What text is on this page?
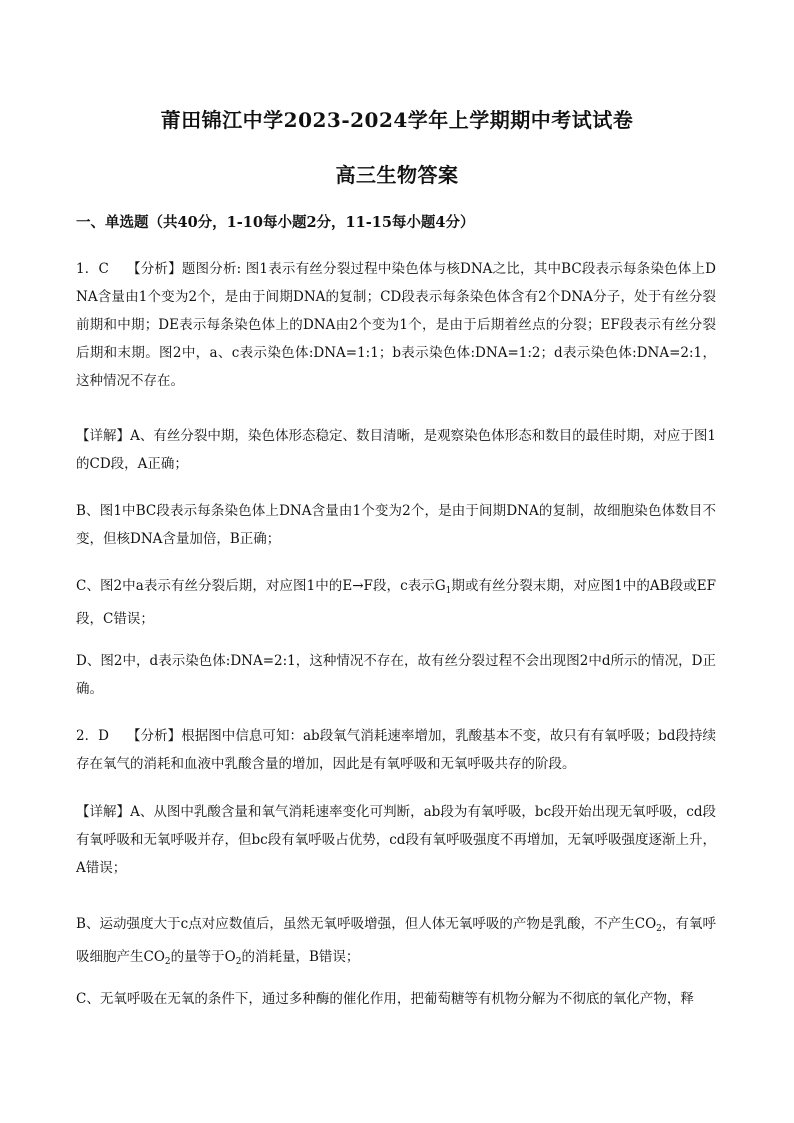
莆田锦江中学2023-2024学年上学期期中考试试卷
高三生物答案
一、单选题（共40分，1-10每小题2分，11-15每小题4分）
1．C 【分析】题图分析: 图1表示有丝分裂过程中染色体与核DNA之比，其中BC段表示每条染色体上DNA含量由1个变为2个，是由于间期DNA的复制；CD段表示每条染色体含有2个DNA分子，处于有丝分裂前期和中期；DE表示每条染色体上的DNA由2个变为1个，是由于后期着丝点的分裂；EF段表示有丝分裂后期和末期。图2中，a、c表示染色体:DNA=1:1；b表示染色体:DNA=1:2；d表示染色体:DNA=2:1，这种情况不存在。
【详解】A、有丝分裂中期，染色体形态稳定、数目清晰，是观察染色体形态和数目的最佳时期，对应于图1的CD段，A正确；
B、图1中BC段表示每条染色体上DNA含量由1个变为2个，是由于间期DNA的复制，故细胞染色体数目不变，但核DNA含量加倍，B正确；
C、图2中a表示有丝分裂后期，对应图1中的E→F段，c表示$G_1$期或有丝分裂末期，对应图1中的AB段或EF段，C错误；
D、图2中，d表示染色体:DNA=2:1，这种情况不存在，故有丝分裂过程不会出现图2中d所示的情况，D正确。
2．D 【分析】根据图中信息可知：ab段氧气消耗速率增加，乳酸基本不变，故只有有氧呼吸；bd段持续存在氧气的消耗和血液中乳酸含量的增加，因此是有氧呼吸和无氧呼吸共存的阶段。
【详解】A、从图中乳酸含量和氧气消耗速率变化可判断，ab段为有氧呼吸，bc段开始出现无氧呼吸，cd段有氧呼吸和无氧呼吸并存，但bc段有氧呼吸占优势，cd段有氧呼吸强度不再增加，无氧呼吸强度逐渐上升，A错误；
B、运动强度大于c点对应数值后，虽然无氧呼吸增强，但人体无氧呼吸的产物是乳酸，不产生$CO_2$，有氧呼吸细胞产生$CO_2$的量等于$O_2$的消耗量，B错误；
C、无氧呼吸在无氧的条件下，通过多种酶的催化作用，把葡萄糖等有机物分解为不彻底的氧化产物，释
